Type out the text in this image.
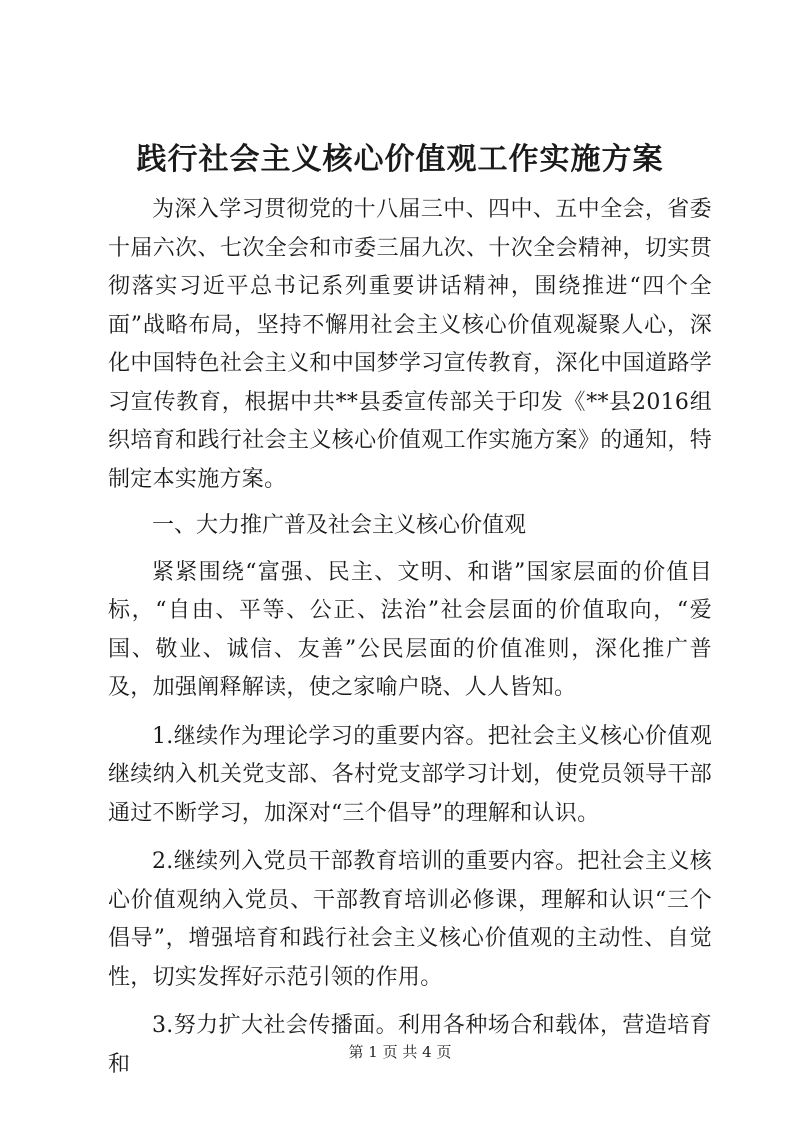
践行社会主义核心价值观工作实施方案

为深入学习贯彻党的十八届三中、四中、五中全会，省委十届六次、七次全会和市委三届九次、十次全会精神，切实贯彻落实习近平总书记系列重要讲话精神，围绕推进“四个全面”战略布局，坚持不懈用社会主义核心价值观凝聚人心，深化中国特色社会主义和中国梦学习宣传教育，深化中国道路学习宣传教育，根据中共**县委宣传部关于印发《**县2016组织培育和践行社会主义核心价值观工作实施方案》的通知，特制定本实施方案。

一、大力推广普及社会主义核心价值观

紧紧围绕“富强、民主、文明、和谐”国家层面的价值目标，“自由、平等、公正、法治”社会层面的价值取向，“爱国、敬业、诚信、友善”公民层面的价值准则，深化推广普及，加强阐释解读，使之家喻户晓、人人皆知。

1.继续作为理论学习的重要内容。把社会主义核心价值观继续纳入机关党支部、各村党支部学习计划，使党员领导干部通过不断学习，加深对“三个倡导”的理解和认识。

2.继续列入党员干部教育培训的重要内容。把社会主义核心价值观纳入党员、干部教育培训必修课，理解和认识“三个倡导”，增强培育和践行社会主义核心价值观的主动性、自觉性，切实发挥好示范引领的作用。

3.努力扩大社会传播面。利用各种场合和载体，营造培育和	第 1 页 共 4 页
